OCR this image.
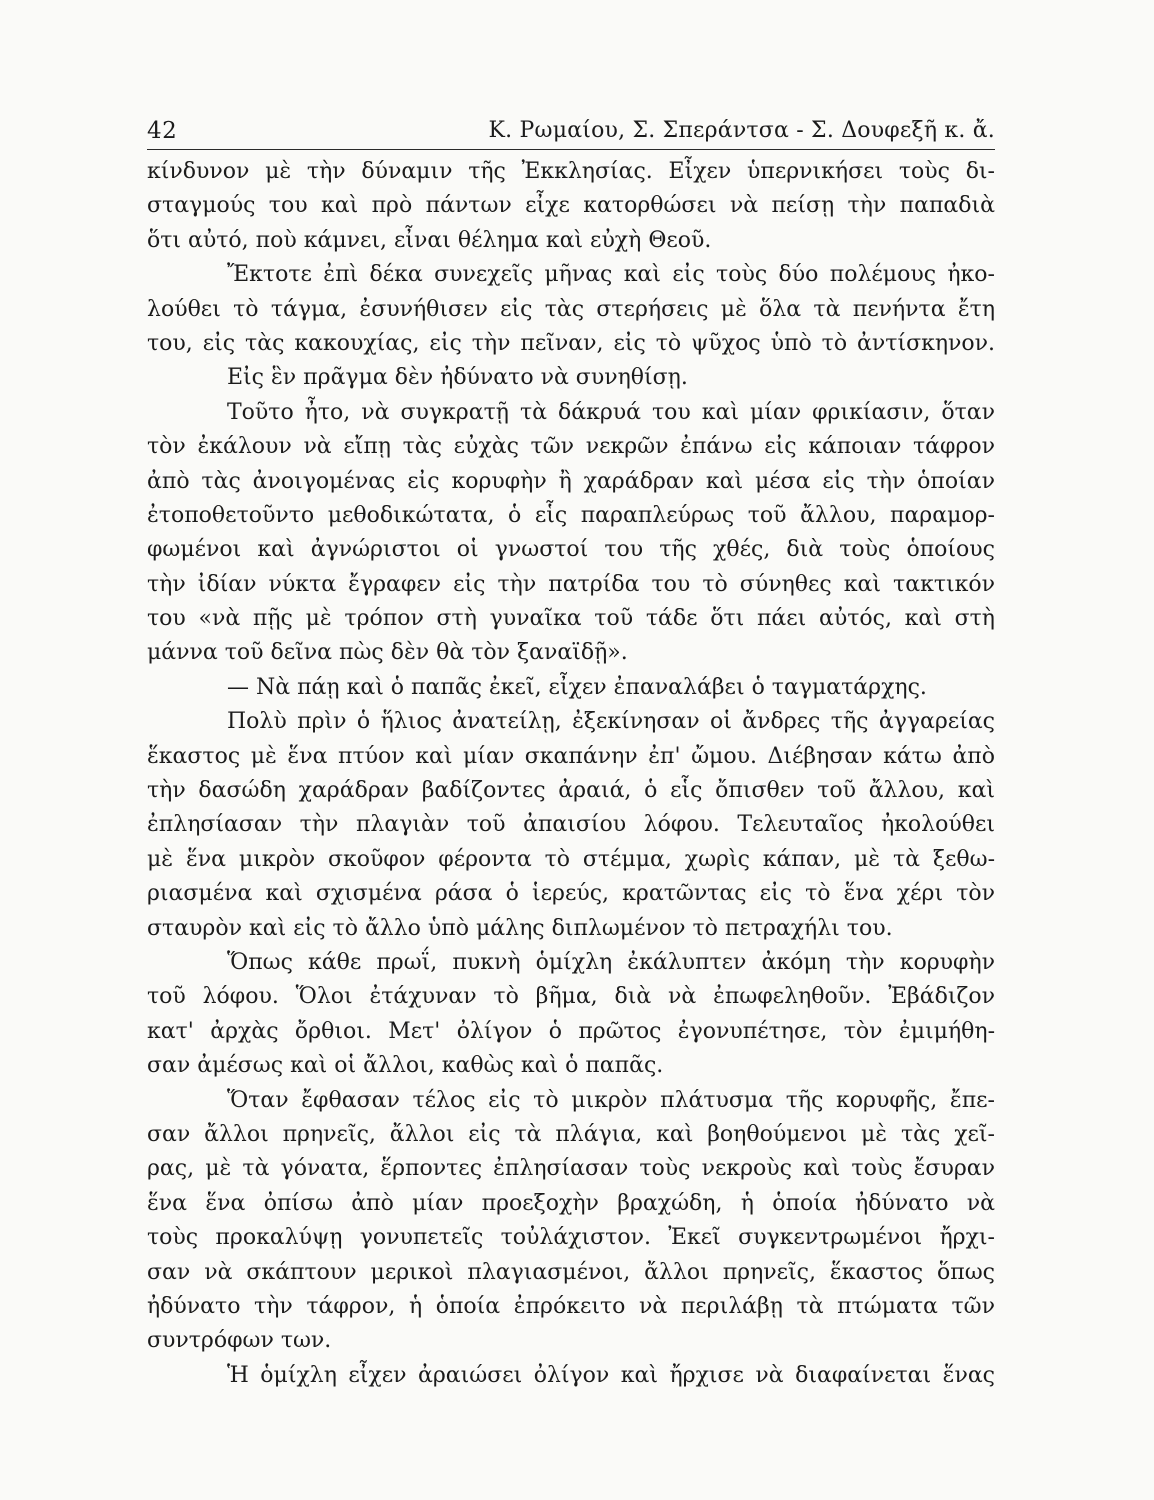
42	Κ. Ρωμαίου, Σ. Σπεράντσα - Σ. Δουφεξῆ κ. ἄ.
κίνδυνον μὲ τὴν δύναμιν τῆς Ἐκκλησίας. Εἶχεν ὑπερνικήσει τοὺς δι-
σταγμούς του καὶ πρὸ πάντων εἶχε κατορθώσει νὰ πείσῃ τὴν παπαδιὰ
ὅτι αὐτό, ποὺ κάμνει, εἶναι θέλημα καὶ εὐχὴ Θεοῦ.
Ἔκτοτε ἐπὶ δέκα συνεχεῖς μῆνας καὶ εἰς τοὺς δύο πολέμους ἠκο-
λούθει τὸ τάγμα, ἐσυνήθισεν εἰς τὰς στερήσεις μὲ ὅλα τὰ πενήντα ἔτη
του, εἰς τὰς κακουχίας, εἰς τὴν πεῖναν, εἰς τὸ ψῦχος ὑπὸ τὸ ἀντίσκηνον.
Εἰς ἓν πρᾶγμα δὲν ἠδύνατο νὰ συνηθίσῃ.
Τοῦτο ἦτο, νὰ συγκρατῇ τὰ δάκρυά του καὶ μίαν φρικίασιν, ὅταν
τὸν ἐκάλουν νὰ εἴπῃ τὰς εὐχὰς τῶν νεκρῶν ἐπάνω εἰς κάποιαν τάφρον
ἀπὸ τὰς ἀνοιγομένας εἰς κορυφὴν ἢ χαράδραν καὶ μέσα εἰς τὴν ὁποίαν
ἐτοποθετοῦντο μεθοδικώτατα, ὁ εἷς παραπλεύρως τοῦ ἄλλου, παραμορ-
φωμένοι καὶ ἀγνώριστοι οἱ γνωστοί του τῆς χθές, διὰ τοὺς ὁποίους
τὴν ἰδίαν νύκτα ἔγραφεν εἰς τὴν πατρίδα του τὸ σύνηθες καὶ τακτικόν
του «νὰ πῇς μὲ τρόπον στὴ γυναῖκα τοῦ τάδε ὅτι πάει αὐτός, καὶ στὴ
μάννα τοῦ δεῖνα πὼς δὲν θὰ τὸν ξαναϊδῇ».
— Νὰ πάῃ καὶ ὁ παπᾶς ἐκεῖ, εἶχεν ἐπαναλάβει ὁ ταγματάρχης.
Πολὺ πρὶν ὁ ἥλιος ἀνατείλῃ, ἐξεκίνησαν οἱ ἄνδρες τῆς ἀγγαρείας
ἕκαστος μὲ ἕνα πτύον καὶ μίαν σκαπάνην ἐπ' ὤμου. Διέβησαν κάτω ἀπὸ
τὴν δασώδη χαράδραν βαδίζοντες ἀραιά, ὁ εἷς ὄπισθεν τοῦ ἄλλου, καὶ
ἐπλησίασαν τὴν πλαγιὰν τοῦ ἀπαισίου λόφου. Τελευταῖος ἠκολούθει
μὲ ἕνα μικρὸν σκοῦφον φέροντα τὸ στέμμα, χωρὶς κάπαν, μὲ τὰ ξεθω-
ριασμένα καὶ σχισμένα ράσα ὁ ἱερεύς, κρατῶντας εἰς τὸ ἕνα χέρι τὸν
σταυρὸν καὶ εἰς τὸ ἄλλο ὑπὸ μάλης διπλωμένον τὸ πετραχήλι του.
Ὅπως κάθε πρωΐ, πυκνὴ ὁμίχλη ἐκάλυπτεν ἀκόμη τὴν κορυφὴν
τοῦ λόφου. Ὅλοι ἐτάχυναν τὸ βῆμα, διὰ νὰ ἐπωφεληθοῦν. Ἐβάδιζον
κατ' ἀρχὰς ὄρθιοι. Μετ' ὀλίγον ὁ πρῶτος ἐγονυπέτησε, τὸν ἐμιμήθη-
σαν ἀμέσως καὶ οἱ ἄλλοι, καθὼς καὶ ὁ παπᾶς.
Ὅταν ἔφθασαν τέλος εἰς τὸ μικρὸν πλάτυσμα τῆς κορυφῆς, ἔπε-
σαν ἄλλοι πρηνεῖς, ἄλλοι εἰς τὰ πλάγια, καὶ βοηθούμενοι μὲ τὰς χεῖ-
ρας, μὲ τὰ γόνατα, ἕρποντες ἐπλησίασαν τοὺς νεκροὺς καὶ τοὺς ἔσυραν
ἕνα ἕνα ὀπίσω ἀπὸ μίαν προεξοχὴν βραχώδη, ἡ ὁποία ἠδύνατο νὰ
τοὺς προκαλύψῃ γονυπετεῖς τοὐλάχιστον. Ἐκεῖ συγκεντρωμένοι ἤρχι-
σαν νὰ σκάπτουν μερικοὶ πλαγιασμένοι, ἄλλοι πρηνεῖς, ἕκαστος ὅπως
ἠδύνατο τὴν τάφρον, ἡ ὁποία ἐπρόκειτο νὰ περιλάβῃ τὰ πτώματα τῶν
συντρόφων των.
Ἡ ὁμίχλη εἶχεν ἀραιώσει ὀλίγον καὶ ἤρχισε νὰ διαφαίνεται ἕνας
